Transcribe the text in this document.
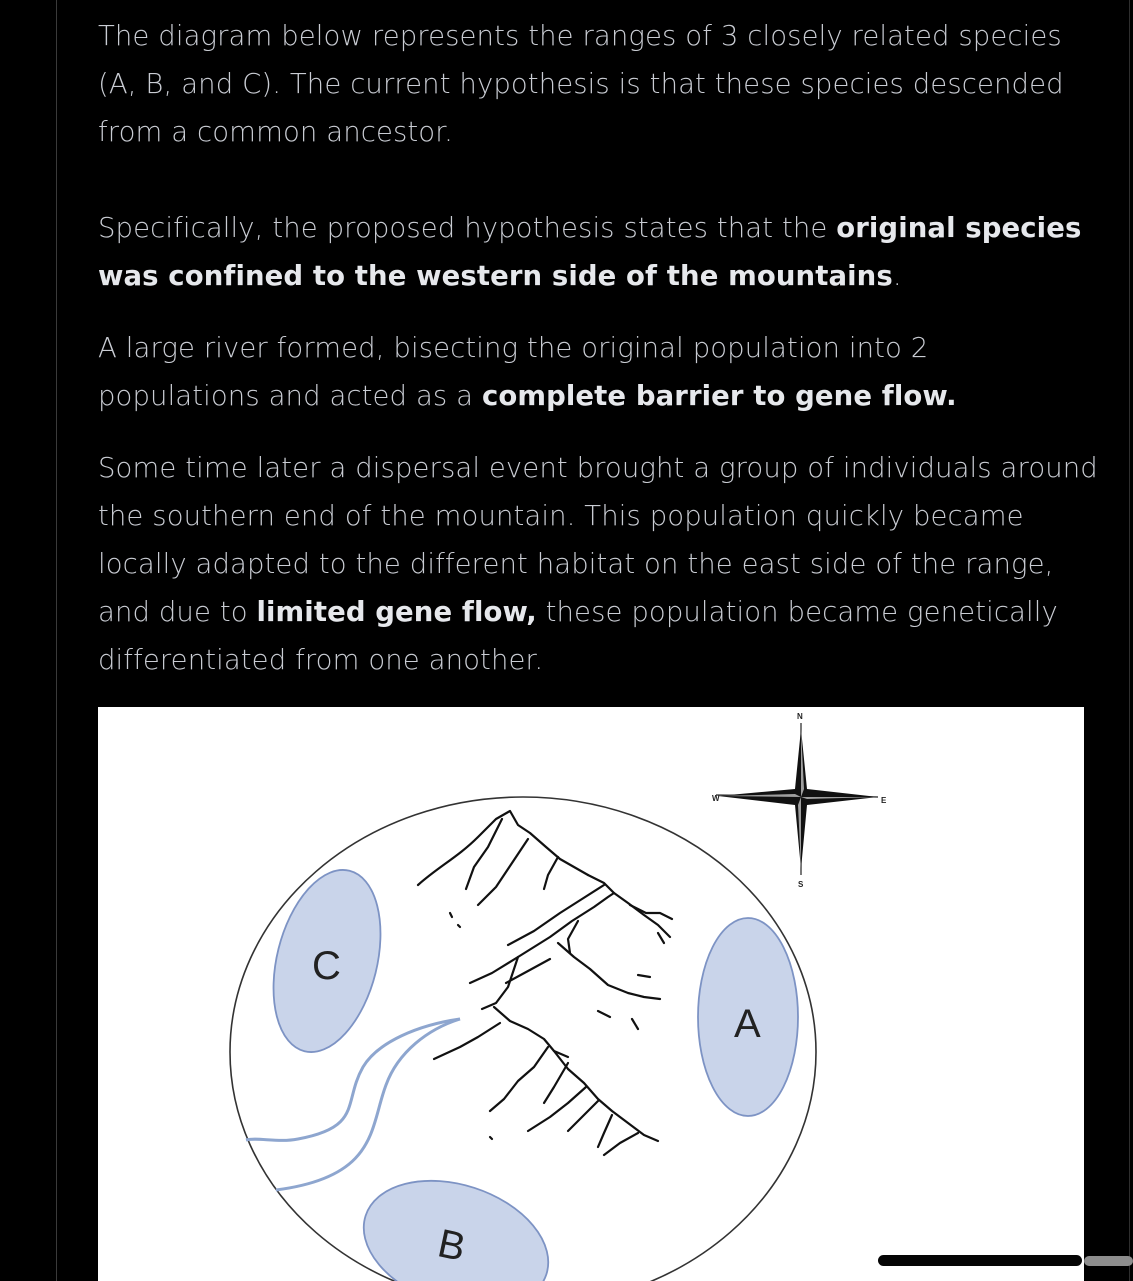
The diagram below represents the ranges of 3 closely related species (A, B, and C). The current hypothesis is that these species descended from a common ancestor.

Specifically, the proposed hypothesis states that the original species was confined to the western side of the mountains.

A large river formed, bisecting the original population into 2 populations and acted as a complete barrier to gene flow.

Some time later a dispersal event brought a group of individuals around the southern end of the mountain. This population quickly became locally adapted to the different habitat on the east side of the range, and due to limited gene flow, these population became genetically differentiated from one another.

C
A
B
N
W	E
S
